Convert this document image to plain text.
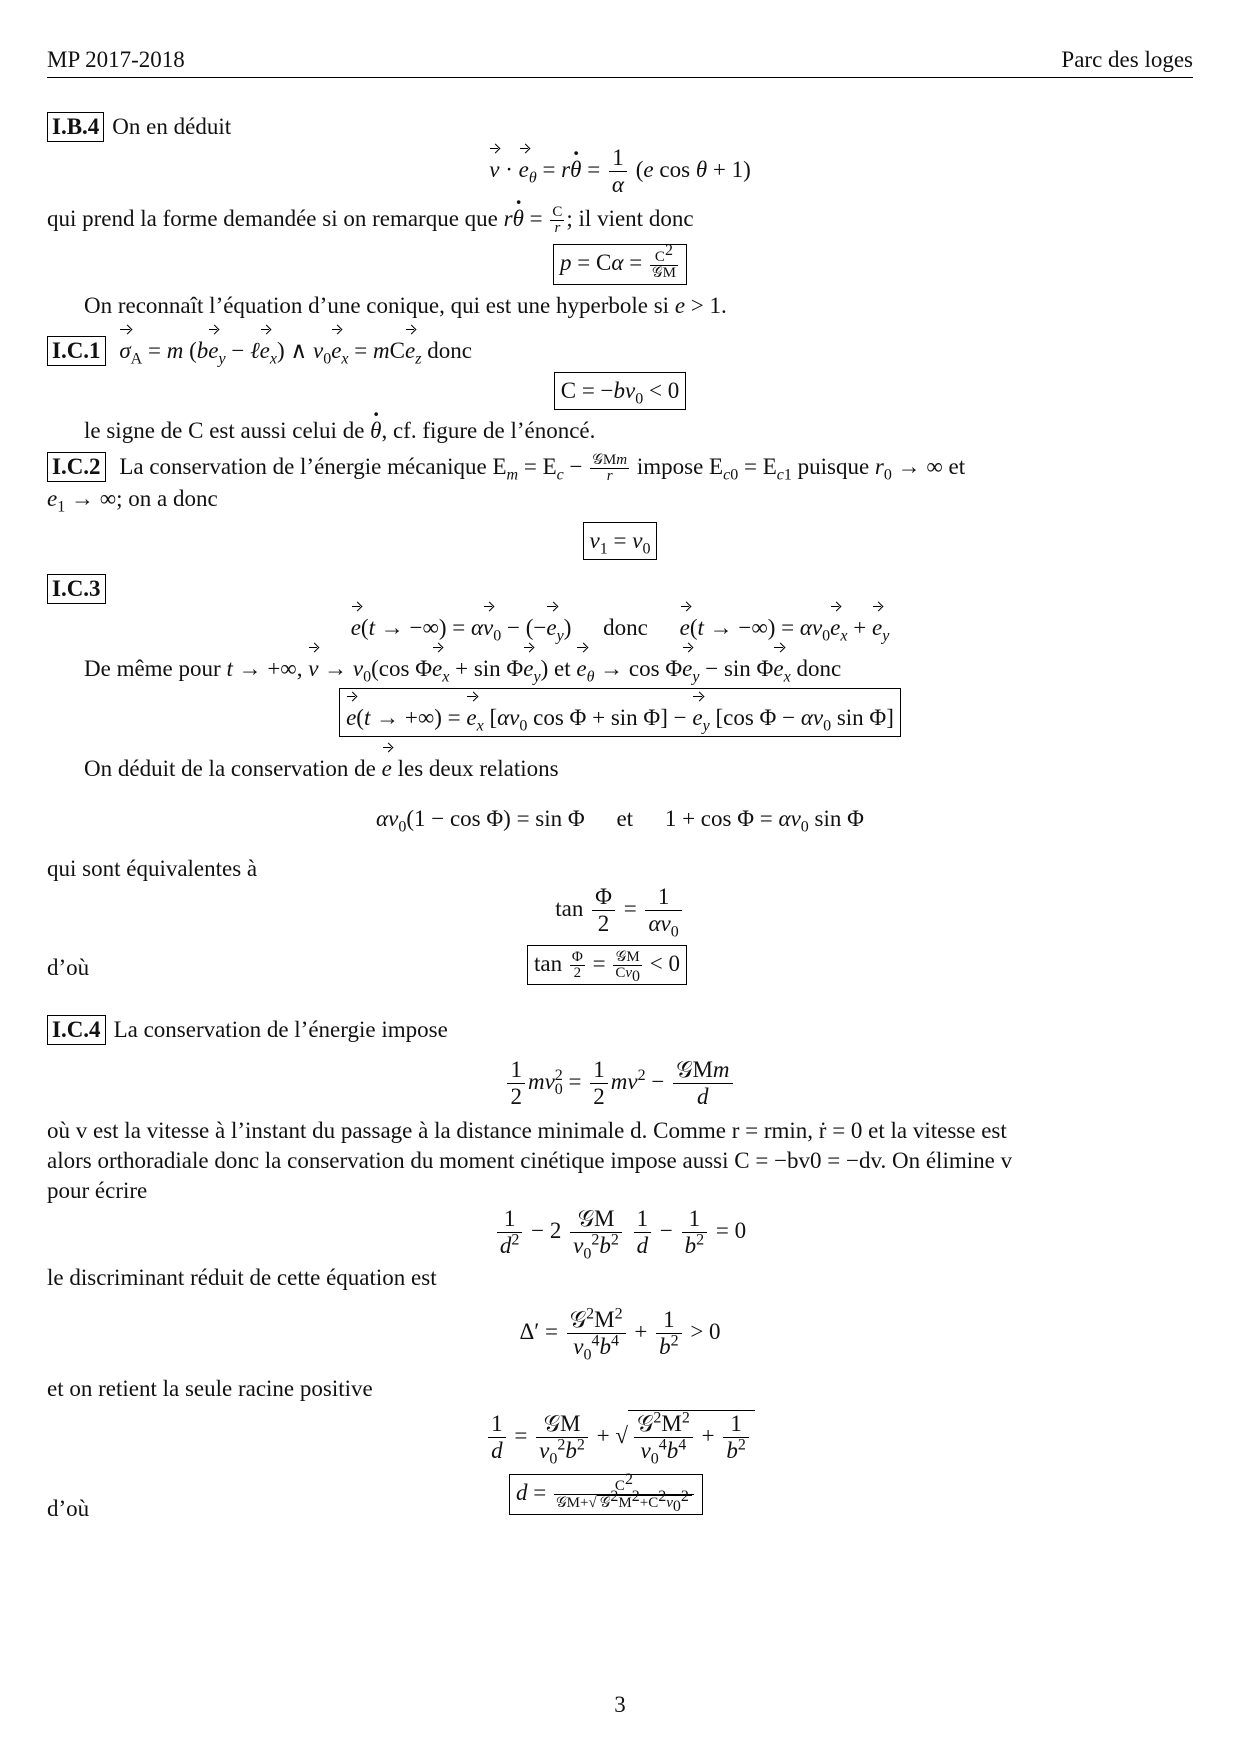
MP 2017-2018	Parc des loges
I.B.4 On en déduit
$v \cdot e_\theta = r\cdot \theta = \frac{1}{\alpha} (e$ cos θ + 1)
qui prend la forme demandée si on remarque que $r\cdot \theta = \frac{C}{r}$ ; il vient donc
$p = C\alpha = C^2$
𝒢M
On reconnaît l’équation d’une conique, qui est une hyperbole si e > 1.
I.C.1 $\sigma_A = m$ ($be_y$ − ℓe$_x$) ∧ $v_0e_x = mCe_z$ donc
$C = -bv_0 < 0$
le signe de C est aussi celui de · θ, cf. figure de l’énoncé.
I.C.2 La conservation de l’énergie mécanique $E_m = E_c$ − 𝒢Mm
r	impose $E_{c0} = E_{c1}$ puisque $r_0$ → ∞ et
$e_1$ → ∞; on a donc
$v_1 = v_0$
I.C.3
e(t → −∞) = $\alpha v_0 - (-e_y)$ donc e(t → −∞) = $\alpha v_0e_x + e_y$
De même pour t → +∞, $v \to v_0(\cos$ $\Phi e_x + \sin \Phi e_y$) et $e_\theta \to \cos \Phi e_y - \sin \Phi e_x$ donc
e(t → +∞) = $e_x$ [$\alpha v_0$ $\cos \Phi + \sin \Phi] - e_y$ [cos $\Phi - \alpha v_0$ sin Φ]
On déduit de la conservation de e les deux relations
$\alpha v_0(1 - \cos \Phi) = \sin \Phi$ et $1 + \cos \Phi = \alpha v_0$ sin Φ
qui sont équivalentes à
$\tan \frac{\Phi}{2} = \frac{1}{\alpha v_0}$
d’où	$\tan \frac{\Phi}{2}$ = 𝒢M
$Cv_0$
< 0
I.C.4 La conservation de l’énergie impose
$\frac{1}{2} mv^2_0 = \frac{1}{2} mv^2 - \frac{\text{𝒢Mm}}{d}$
où v est la vitesse à l’instant du passage à la distance minimale d. Comme r = rmin, ṙ = 0 et la vitesse est
alors orthoradiale donc la conservation du moment cinétique impose aussi C = −bv0 = −dv. On élimine v
pour écrire
$\frac{1}{d^2} - 2 \frac{\text{𝒢M}}{v_0^2b^2}$
$\frac{1}{d} - \frac{1}{b^2} = 0$
le discriminant réduit de cette équation est
$\Delta' = \frac{𝒢^2M^2}{v_0^4b^4} + \frac{1}{b^2} > 0$
et on retient la seule racine positive
$\frac{1}{d} = \frac{\text{𝒢M}}{v_0^2b^2}$ + √ $\frac{𝒢^2M^2}{v_0^4b^4} + \frac{1}{b^2}$
d’où
d =	$C^2$
𝒢M+√ $𝒢^2M^2+C^2v_0^2$
3
